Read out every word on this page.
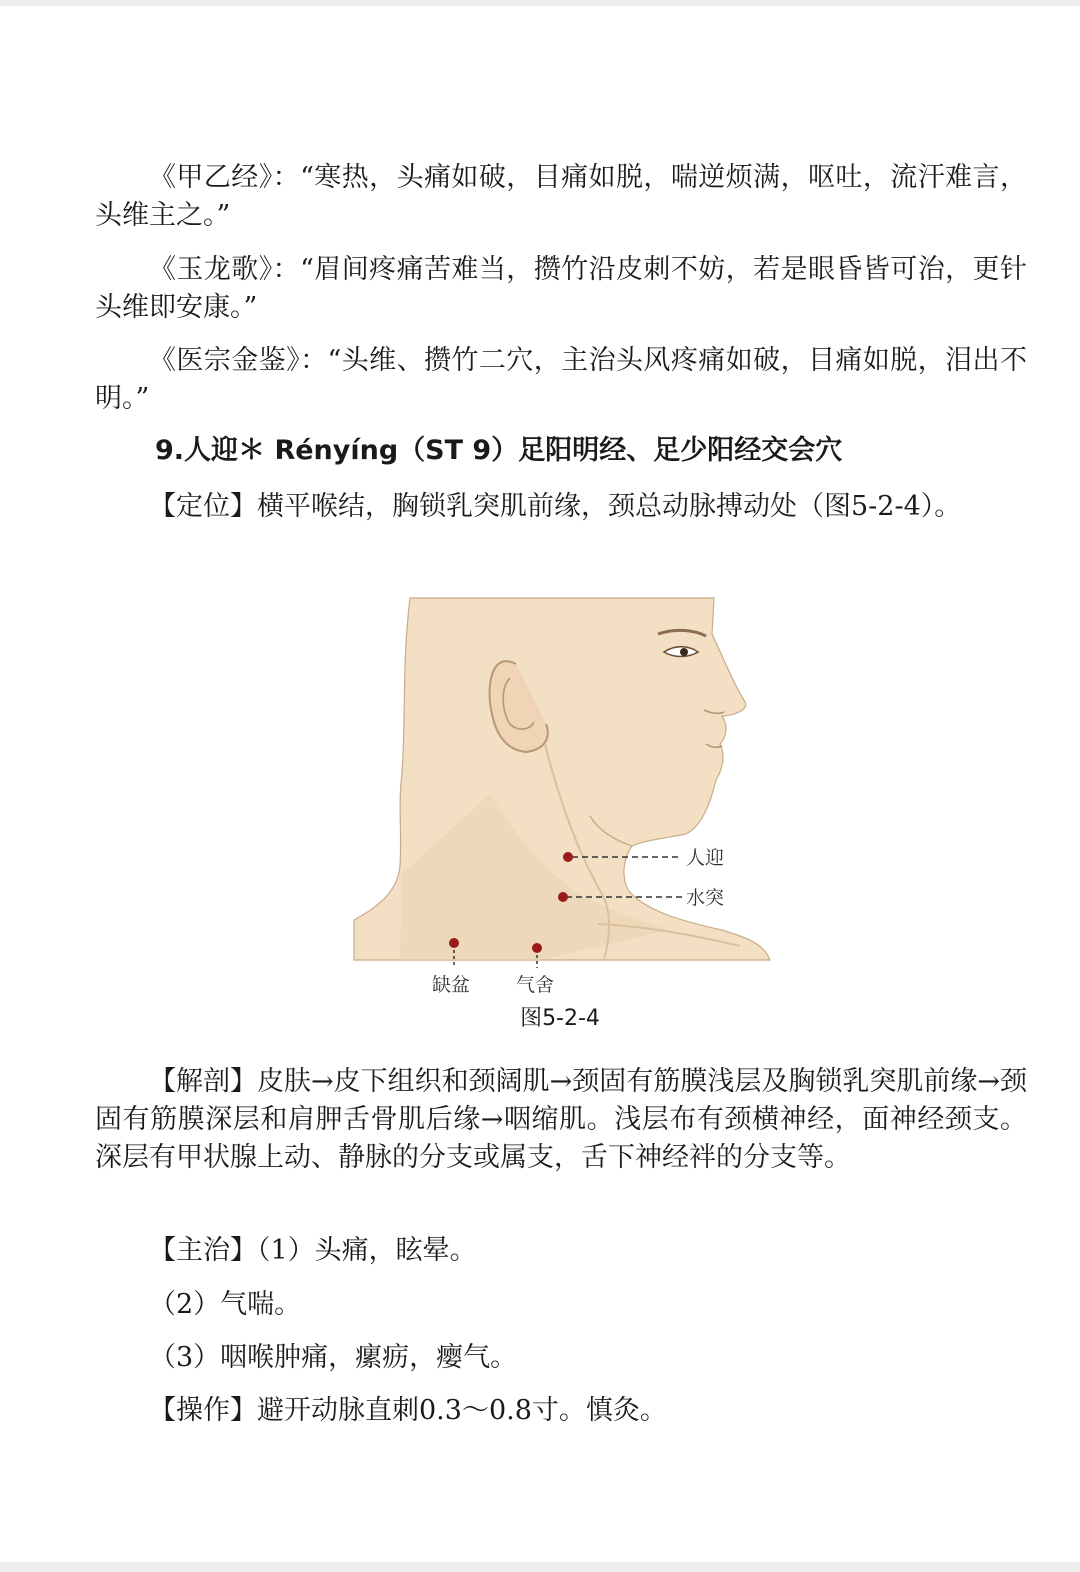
《甲乙经》：“寒热，头痛如破，目痛如脱，喘逆烦满，呕吐，流汗难言，头维主之。”

《玉龙歌》：“眉间疼痛苦难当，攒竹沿皮刺不妨，若是眼昏皆可治，更针头维即安康。”

《医宗金鉴》：“头维、攒竹二穴，主治头风疼痛如破，目痛如脱，泪出不明。”

9.人迎＊ Rényíng（ST 9）足阳明经、足少阳经交会穴

【定位】横平喉结，胸锁乳突肌前缘，颈总动脉搏动处（图5-2-4）。

人迎
水突
缺盆 气舍
图5-2-4

【解剖】皮肤→皮下组织和颈阔肌→颈固有筋膜浅层及胸锁乳突肌前缘→颈固有筋膜深层和肩胛舌骨肌后缘→咽缩肌。浅层布有颈横神经，面神经颈支。深层有甲状腺上动、静脉的分支或属支，舌下神经袢的分支等。

【主治】（1）头痛，眩晕。

（2）气喘。

（3）咽喉肿痛，瘰疬，瘿气。

【操作】避开动脉直刺0.3～0.8寸。慎灸。
